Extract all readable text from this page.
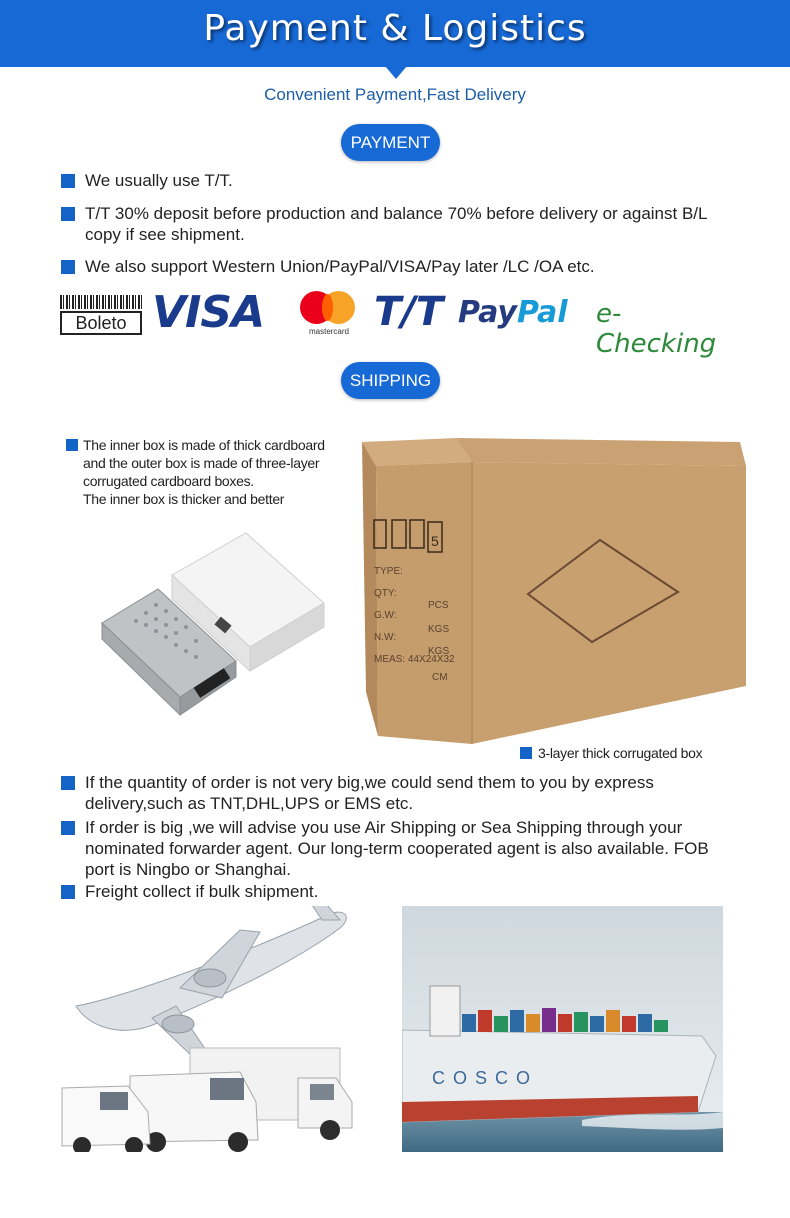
Payment & Logistics
Convenient Payment,Fast Delivery
PAYMENT
We usually use T/T.
T/T 30% deposit before production and balance 70% before delivery or against B/L copy if see shipment.
We also support Western Union/PayPal/VISA/Pay later /LC /OA etc.
Boleto VISA	mastercard T/T PayPal e-Checking
SHIPPING
The inner box is made of thick cardboard
and the outer box is made of three-layer
corrugated cardboard boxes.
The inner box is thicker and better
5
TYPE:
QTY:
G.W:
N.W:
MEAS: 44X24X32
PCS
KGS
KGS
CM
3-layer thick corrugated box
If the quantity of order is not very big,we could send them to you by express delivery,such as TNT,DHL,UPS or EMS etc.
If order is big ,we will advise you use Air Shipping or Sea Shipping through your nominated forwarder agent. Our long-term cooperated agent is also available. FOB port is Ningbo or Shanghai.
Freight collect if bulk shipment.
COSCO
